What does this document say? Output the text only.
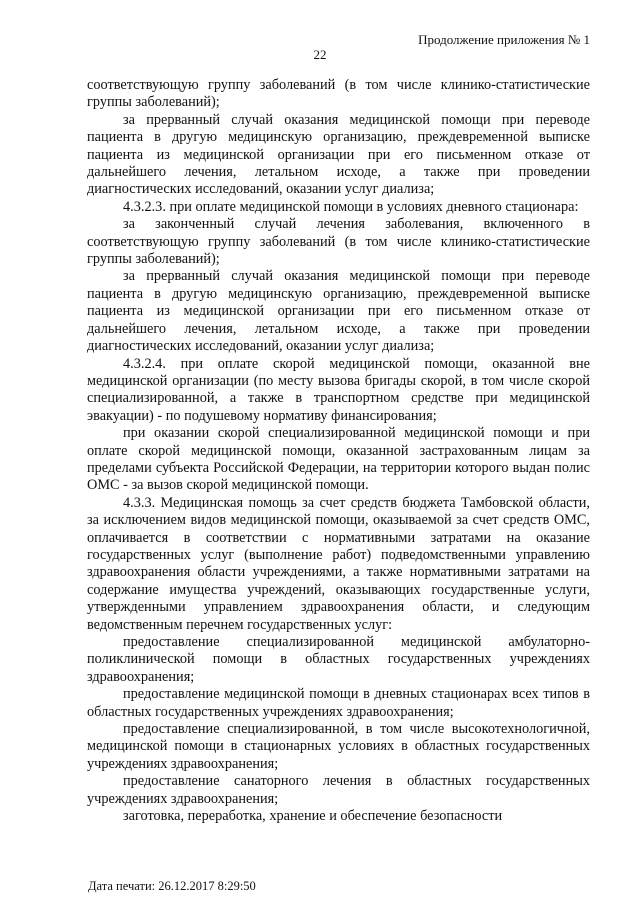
Продолжение приложения № 1
22

соответствующую группу заболеваний (в том числе клинико-статистические группы заболеваний);

за прерванный случай оказания медицинской помощи при переводе пациента в другую медицинскую организацию, преждевременной выписке пациента из медицинской организации при его письменном отказе от дальнейшего лечения, летальном исходе, а также при проведении диагностических исследований, оказании услуг диализа;

4.3.2.3. при оплате медицинской помощи в условиях дневного стационара:

за законченный случай лечения заболевания, включенного в соответствующую группу заболеваний (в том числе клинико-статистические группы заболеваний);

за прерванный случай оказания медицинской помощи при переводе пациента в другую медицинскую организацию, преждевременной выписке пациента из медицинской организации при его письменном отказе от дальнейшего лечения, летальном исходе, а также при проведении диагностических исследований, оказании услуг диализа;

4.3.2.4. при оплате скорой медицинской помощи, оказанной вне медицинской организации (по месту вызова бригады скорой, в том числе скорой специализированной, а также в транспортном средстве при медицинской эвакуации) - по подушевому нормативу финансирования;

при оказании скорой специализированной медицинской помощи и при оплате скорой медицинской помощи, оказанной застрахованным лицам за пределами субъекта Российской Федерации, на территории которого выдан полис ОМС - за вызов скорой медицинской помощи.

4.3.3. Медицинская помощь за счет средств бюджета Тамбовской области, за исключением видов медицинской помощи, оказываемой за счет средств ОМС, оплачивается в соответствии с нормативными затратами на оказание государственных услуг (выполнение работ) подведомственными управлению здравоохранения области учреждениями, а также нормативными затратами на содержание имущества учреждений, оказывающих государственные услуги, утвержденными управлением здравоохранения области, и следующим ведомственным перечнем государственных услуг:

предоставление специализированной медицинской амбулаторно-поликлинической помощи в областных государственных учреждениях здравоохранения;

предоставление медицинской помощи в дневных стационарах всех типов в областных государственных учреждениях здравоохранения;

предоставление специализированной, в том числе высокотехнологичной, медицинской помощи в стационарных условиях в областных государственных учреждениях здравоохранения;

предоставление санаторного лечения в областных государственных учреждениях здравоохранения;

заготовка, переработка, хранение и обеспечение безопасности

Дата печати: 26.12.2017 8:29:50
